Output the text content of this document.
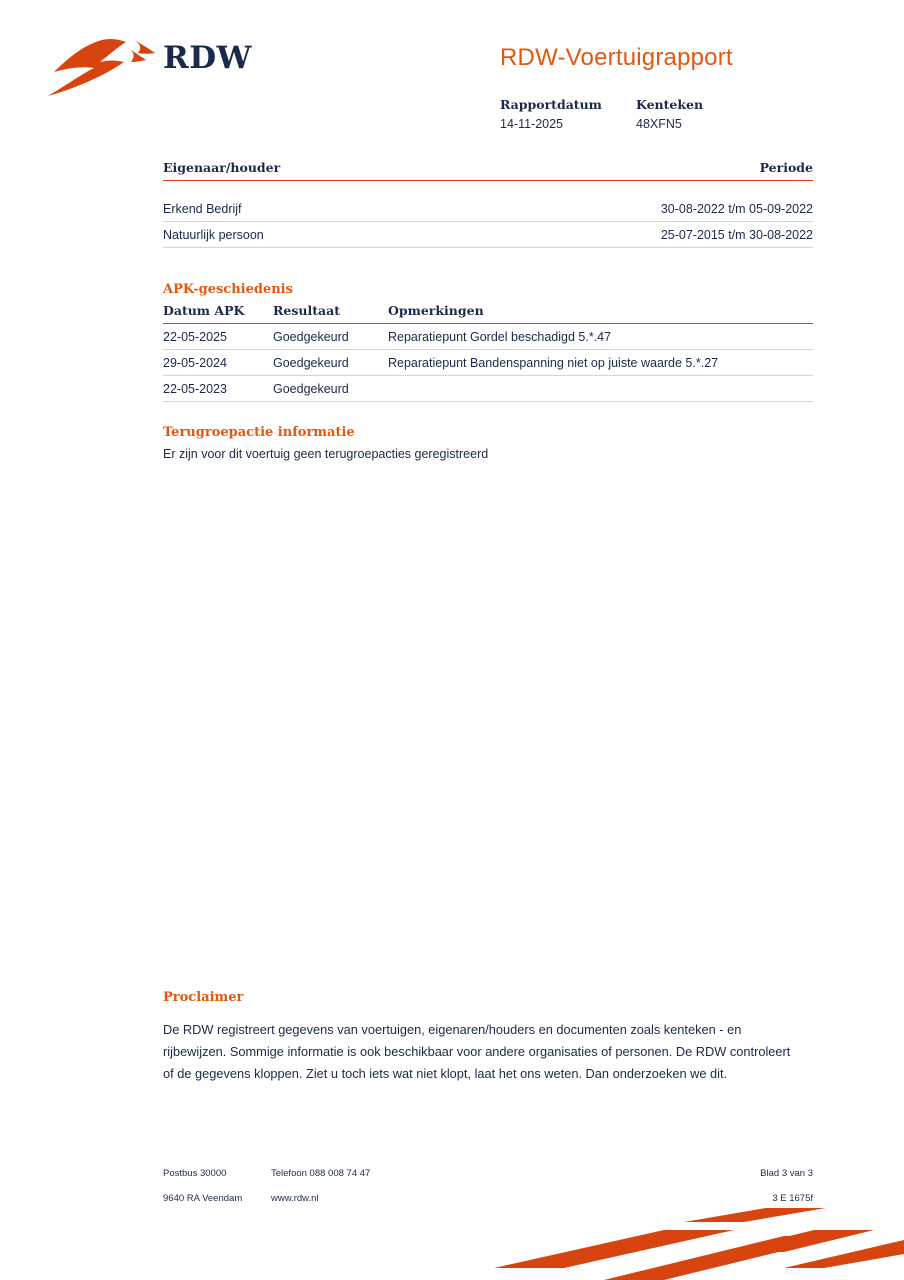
RDW	RDW-Voertuigrapport
Rapportdatum	Kenteken
14-11-2025	48XFN5
Eigenaar/houder	Periode
Erkend Bedrijf	30-08-2022 t/m 05-09-2022
Natuurlijk persoon	25-07-2015 t/m 30-08-2022
APK-geschiedenis
Datum APK	Resultaat	Opmerkingen
22-05-2025	Goedgekeurd	Reparatiepunt Gordel beschadigd 5.*.47
29-05-2024	Goedgekeurd	Reparatiepunt Bandenspanning niet op juiste waarde 5.*.27
22-05-2023	Goedgekeurd	
Terugroepactie informatie
Er zijn voor dit voertuig geen terugroepacties geregistreerd
Proclaimer
De RDW registreert gegevens van voertuigen, eigenaren/houders en documenten zoals kenteken - en rijbewijzen. Sommige informatie is ook beschikbaar voor andere organisaties of personen. De RDW controleert of de gegevens kloppen. Ziet u toch iets wat niet klopt, laat het ons weten. Dan onderzoeken we dit.
Postbus 30000	Telefoon 088 008 74 47	Blad 3 van 3
9640 RA Veendam	www.rdw.nl	3 E 1675f
